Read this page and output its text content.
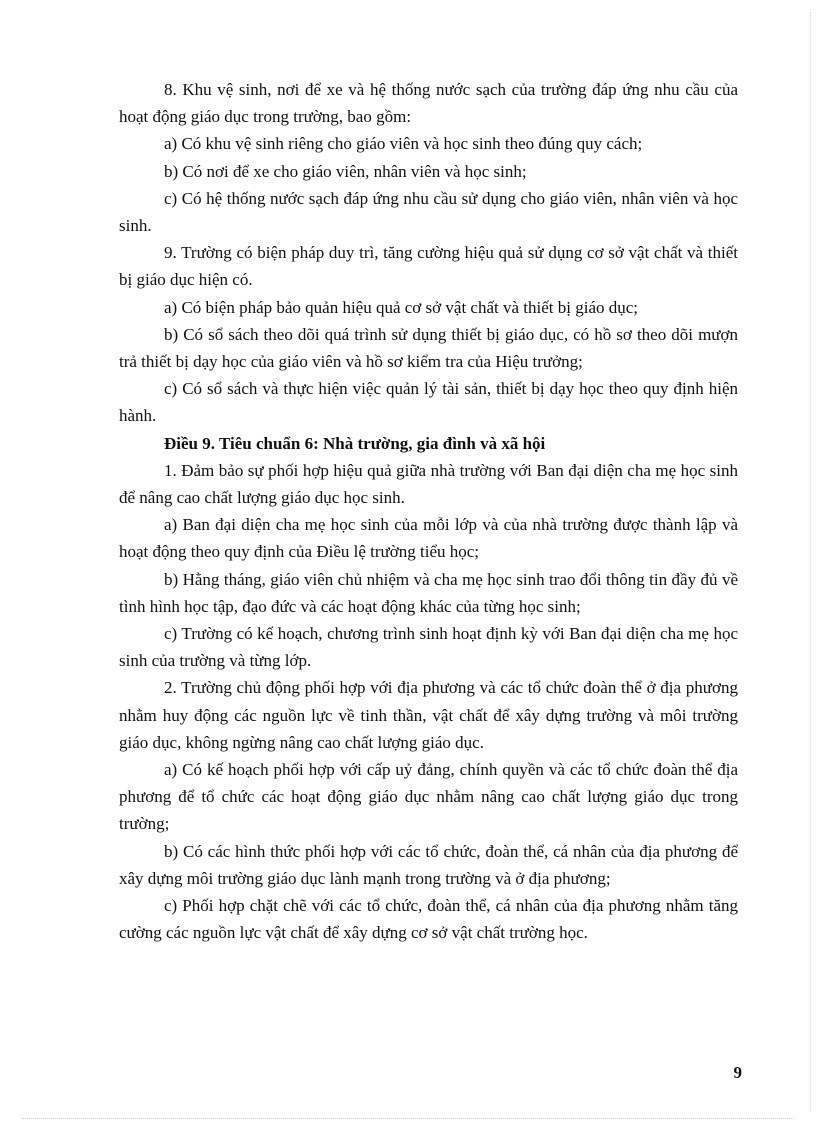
8. Khu vệ sinh, nơi để xe và hệ thống nước sạch của trường đáp ứng nhu cầu của hoạt động giáo dục trong trường, bao gồm:

a) Có khu vệ sinh riêng cho giáo viên và học sinh theo đúng quy cách;

b) Có nơi để xe cho giáo viên, nhân viên và học sinh;

c) Có hệ thống nước sạch đáp ứng nhu cầu sử dụng cho giáo viên, nhân viên và học sinh.

9. Trường có biện pháp duy trì, tăng cường hiệu quả sử dụng cơ sở vật chất và thiết bị giáo dục hiện có.

a) Có biện pháp bảo quản hiệu quả cơ sở vật chất và thiết bị giáo dục;

b) Có sổ sách theo dõi quá trình sử dụng thiết bị giáo dục, có hồ sơ theo dõi mượn trả thiết bị dạy học của giáo viên và hồ sơ kiểm tra của Hiệu trưởng;

c) Có sổ sách và thực hiện việc quản lý tài sản, thiết bị dạy học theo quy định hiện hành.

Điều 9. Tiêu chuẩn 6: Nhà trường, gia đình và xã hội

1. Đảm bảo sự phối hợp hiệu quả giữa nhà trường với Ban đại diện cha mẹ học sinh để nâng cao chất lượng giáo dục học sinh.

a) Ban đại diện cha mẹ học sinh của mỗi lớp và của nhà trường được thành lập và hoạt động theo quy định của Điều lệ trường tiểu học;

b) Hằng tháng, giáo viên chủ nhiệm và cha mẹ học sinh trao đổi thông tin đầy đủ về tình hình học tập, đạo đức và các hoạt động khác của từng học sinh;

c) Trường có kế hoạch, chương trình sinh hoạt định kỳ với Ban đại diện cha mẹ học sinh của trường và từng lớp.

2. Trường chủ động phối hợp với địa phương và các tổ chức đoàn thể ở địa phương nhằm huy động các nguồn lực về tinh thần, vật chất để xây dựng trường và môi trường giáo dục, không ngừng nâng cao chất lượng giáo dục.

a) Có kế hoạch phối hợp với cấp uỷ đảng, chính quyền và các tổ chức đoàn thể địa phương để tổ chức các hoạt động giáo dục nhằm nâng cao chất lượng giáo dục trong trường;

b) Có các hình thức phối hợp với các tổ chức, đoàn thể, cá nhân của địa phương để xây dựng môi trường giáo dục lành mạnh trong trường và ở địa phương;

c) Phối hợp chặt chẽ với các tổ chức, đoàn thể, cá nhân của địa phương nhằm tăng cường các nguồn lực vật chất để xây dựng cơ sở vật chất trường học.

9
